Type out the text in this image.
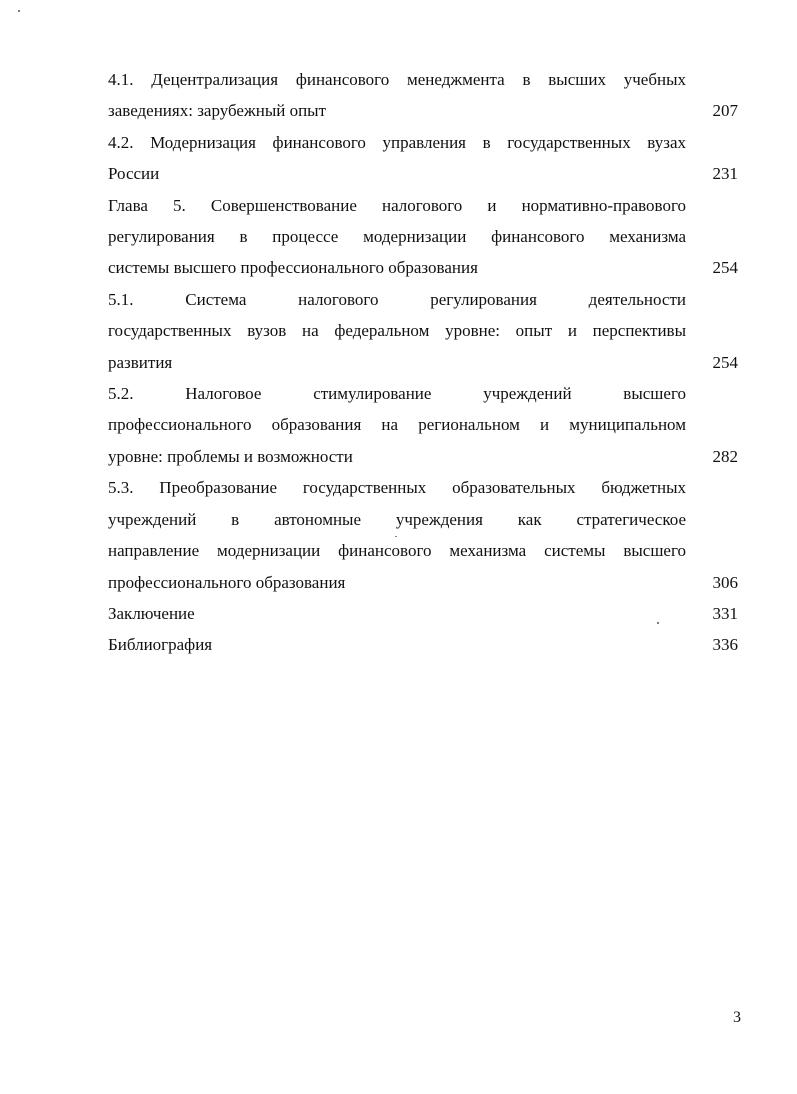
4.1. Децентрализация финансового менеджмента в высших учебных
заведениях: зарубежный опыт	207
4.2. Модернизация финансового управления в государственных вузах
России	231
Глава 5. Совершенствование налогового и нормативно-правового
регулирования в процессе модернизации финансового механизма
системы высшего профессионального образования	254
5.1. Система налогового регулирования деятельности
государственных вузов на федеральном уровне: опыт и перспективы
развития	254
5.2. Налоговое стимулирование учреждений высшего
профессионального образования на региональном и муниципальном
уровне: проблемы и возможности	282
5.3. Преобразование государственных образовательных бюджетных
учреждений в автономные учреждения как стратегическое
направление модернизации финансового механизма системы высшего
профессионального образования	306
Заключение	331
Библиография	336
3
